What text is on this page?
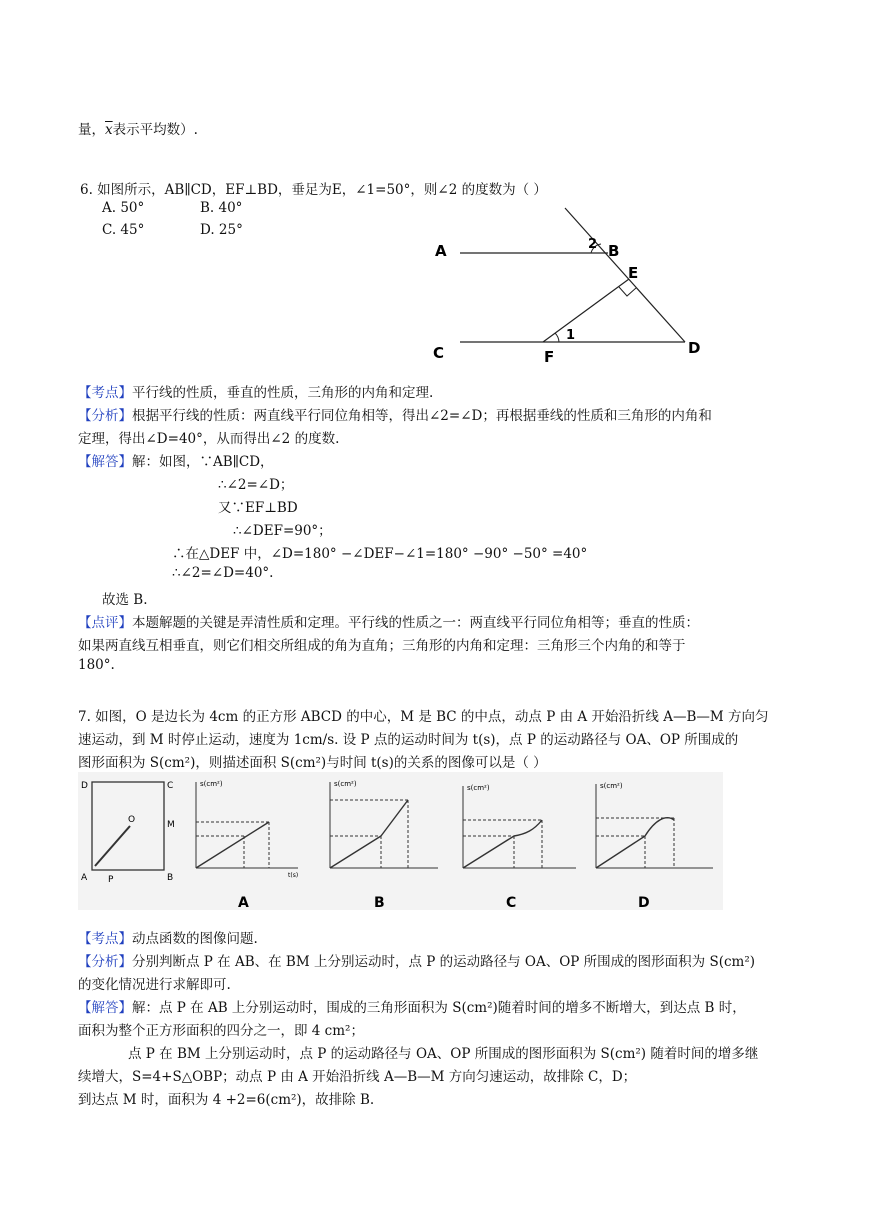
量，$\overline{x}$表示平均数）.
6. 如图所示，AB∥CD，EF⊥BD，垂足为E，∠1=50°，则∠2 的度数为（ ）
A. 50°	B. 40°
C. 45°	D. 25°
A	B
C	D
E
F
1
2
【考点】平行线的性质，垂直的性质，三角形的内角和定理.
【分析】根据平行线的性质：两直线平行同位角相等，得出∠2=∠D；再根据垂线的性质和三角形的内角和
定理，得出∠D=40°，从而得出∠2 的度数.
【解答】解：如图，∵AB∥CD，
∴∠2=∠D；
又∵EF⊥BD
∴∠DEF=90°；
∴在△DEF 中，∠D=180° −∠DEF−∠1=180° −90° −50° =40°
∴∠2=∠D=40°.
故选 B.
【点评】本题解题的关键是弄清性质和定理。平行线的性质之一：两直线平行同位角相等；垂直的性质：
如果两直线互相垂直，则它们相交所组成的角为直角；三角形的内角和定理：三角形三个内角的和等于
180°.
7. 如图，O 是边长为 4cm 的正方形 ABCD 的中心，M 是 BC 的中点，动点 P 由 A 开始沿折线 A—B—M 方向匀
速运动，到 M 时停止运动，速度为 1cm/s. 设 P 点的运动时间为 t(s)，点 P 的运动路径与 OA、OP 所围成的
图形面积为 S(cm²)，则描述面积 S(cm²)与时间 t(s)的关系的图像可以是（ ）
D	C
A	B
M
O
P
s(cm²)
t(s)
A
s(cm²)
B
s(cm²)
C
s(cm²)
D
【考点】动点函数的图像问题.
【分析】分别判断点 P 在 AB、在 BM 上分别运动时，点 P 的运动路径与 OA、OP 所围成的图形面积为 S(cm²)
的变化情况进行求解即可.
【解答】解：点 P 在 AB 上分别运动时，围成的三角形面积为 S(cm²)随着时间的增多不断增大，到达点 B 时，
面积为整个正方形面积的四分之一，即 4 cm²；
点 P 在 BM 上分别运动时，点 P 的运动路径与 OA、OP 所围成的图形面积为 S(cm²) 随着时间的增多继
续增大，S=4+S△OBP；动点 P 由 A 开始沿折线 A—B—M 方向匀速运动，故排除 C，D；
到达点 M 时，面积为 4 +2=6(cm²)，故排除 B.
